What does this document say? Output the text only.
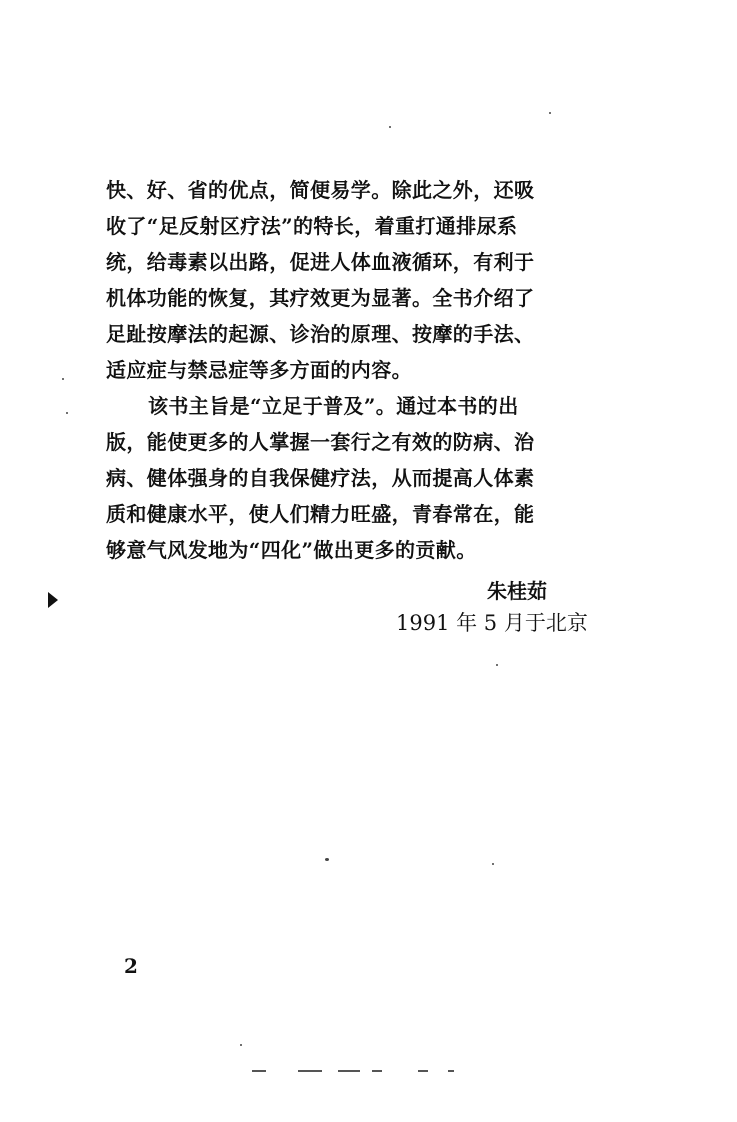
快、好、省的优点，简便易学。除此之外，还吸
收了“足反射区疗法”的特长，着重打通排尿系
统，给毒素以出路，促进人体血液循环，有利于
机体功能的恢复，其疗效更为显著。全书介绍了
足趾按摩法的起源、诊治的原理、按摩的手法、
适应症与禁忌症等多方面的内容。
该书主旨是“立足于普及”。通过本书的出
版，能使更多的人掌握一套行之有效的防病、治
病、健体强身的自我保健疗法，从而提高人体素
质和健康水平，使人们精力旺盛，青春常在，能
够意气风发地为“四化”做出更多的贡献。
朱桂茹
1991 年 5 月于北京
2
